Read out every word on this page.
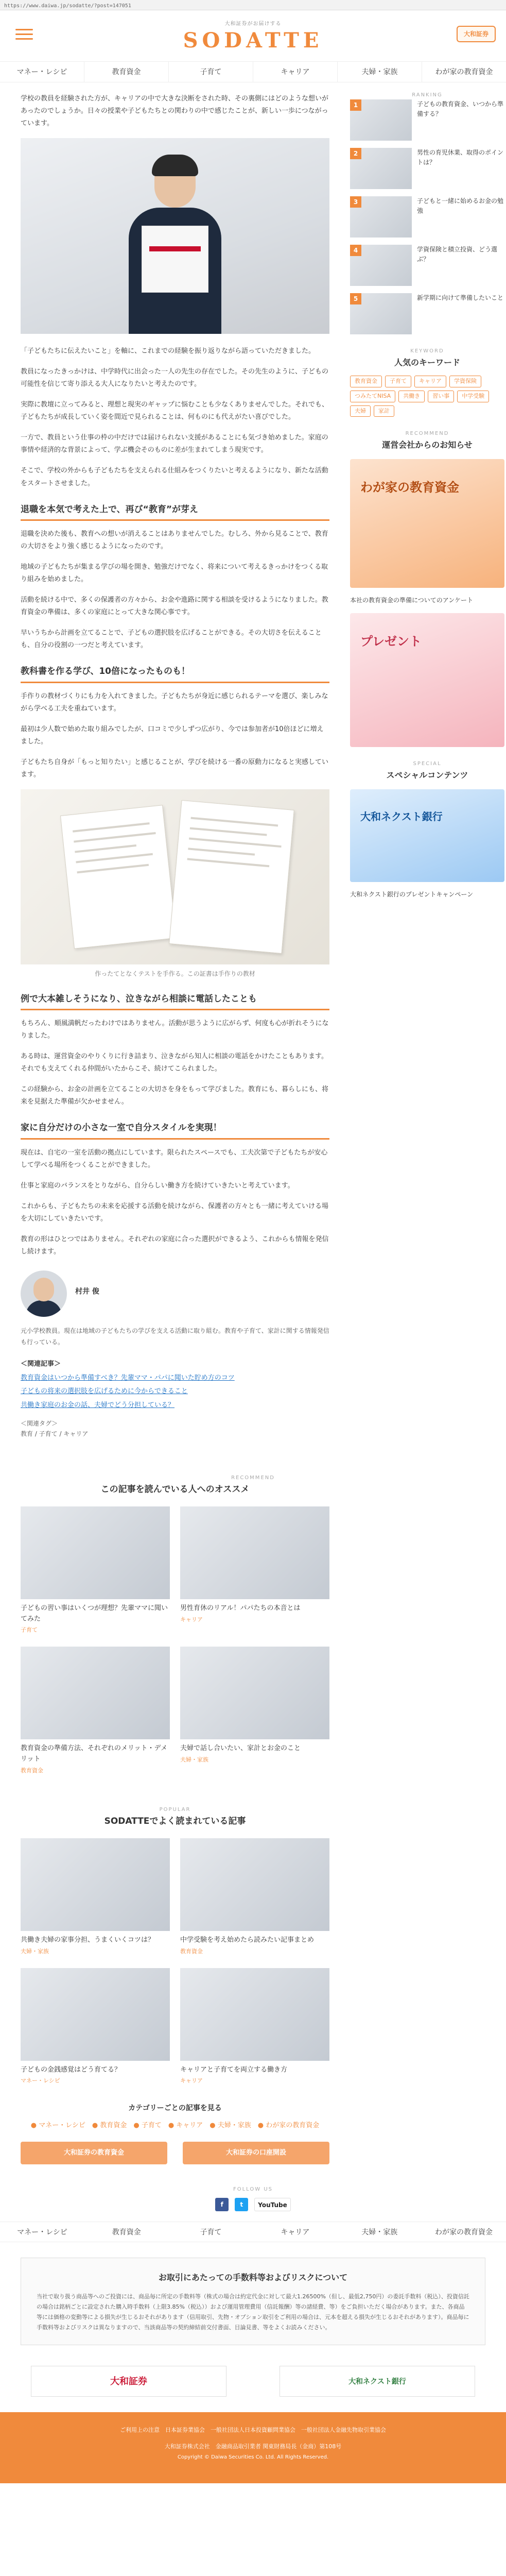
https://www.daiwa.jp/sodatte/?post=147051
大和証券がお届けする
SODATTE	大和証券
マネー・レシピ	教育資金	子育て	キャリア	夫婦・家族	わが家の教育資金

学校の教員を経験された方が、キャリアの中で大きな決断をされた時、その裏側にはどのような想いがあったのでしょうか。日々の授業や子どもたちとの関わりの中で感じたことが、新しい一歩につながっています。

「子どもたちに伝えたいこと」を軸に、これまでの経験を振り返りながら語っていただきました。

教員になったきっかけは、中学時代に出会った一人の先生の存在でした。その先生のように、子どもの可能性を信じて寄り添える大人になりたいと考えたのです。

実際に教壇に立ってみると、理想と現実のギャップに悩むことも少なくありませんでした。それでも、子どもたちが成長していく姿を間近で見られることは、何ものにも代えがたい喜びでした。

一方で、教員という仕事の枠の中だけでは届けられない支援があることにも気づき始めました。家庭の事情や経済的な背景によって、学ぶ機会そのものに差が生まれてしまう現実です。

そこで、学校の外からも子どもたちを支えられる仕組みをつくりたいと考えるようになり、新たな活動をスタートさせました。

退職を本気で考えた上で、再び“教育”が芽え

退職を決めた後も、教育への想いが消えることはありませんでした。むしろ、外から見ることで、教育の大切さをより強く感じるようになったのです。

地域の子どもたちが集まる学びの場を開き、勉強だけでなく、将来について考えるきっかけをつくる取り組みを始めました。

活動を続ける中で、多くの保護者の方々から、お金や進路に関する相談を受けるようになりました。教育資金の準備は、多くの家庭にとって大きな関心事です。

早いうちから計画を立てることで、子どもの選択肢を広げることができる。その大切さを伝えることも、自分の役割の一つだと考えています。

教科書を作る学び、10倍になったものも！

手作りの教材づくりにも力を入れてきました。子どもたちが身近に感じられるテーマを選び、楽しみながら学べる工夫を重ねています。

最初は少人数で始めた取り組みでしたが、口コミで少しずつ広がり、今では参加者が10倍ほどに増えました。

子どもたち自身が「もっと知りたい」と感じることが、学びを続ける一番の原動力になると実感しています。

作ったてとなくテストを手作る。この証書は手作りの教材
例で大本雑しそうになり、泣きながら相談に電話したことも

もちろん、順風満帆だったわけではありません。活動が思うように広がらず、何度も心が折れそうになりました。

ある時は、運営資金のやりくりに行き詰まり、泣きながら知人に相談の電話をかけたこともあります。それでも支えてくれる仲間がいたからこそ、続けてこられました。

この経験から、お金の計画を立てることの大切さを身をもって学びました。教育にも、暮らしにも、将来を見据えた準備が欠かせません。

家に自分だけの小さな一室で自分スタイルを実現！

現在は、自宅の一室を活動の拠点にしています。限られたスペースでも、工夫次第で子どもたちが安心して学べる場所をつくることができました。

仕事と家庭のバランスをとりながら、自分らしい働き方を続けていきたいと考えています。

これからも、子どもたちの未来を応援する活動を続けながら、保護者の方々とも一緒に考えていける場を大切にしていきたいです。

教育の形はひとつではありません。それぞれの家庭に合った選択ができるよう、これからも情報を発信し続けます。

村井 俊

元小学校教員。現在は地域の子どもたちの学びを支える活動に取り組む。教育や子育て、家計に関する情報発信も行っている。

＜関連記事＞
教育資金はいつから準備すべき？先輩ママ・パパに聞いた貯め方のコツ
子どもの将来の選択肢を広げるために今からできること
共働き家庭のお金の話、夫婦でどう分担している？
＜関連タグ＞
教育 / 子育て / キャリア
RANKING
1	子どもの教育資金、いつから準備する？
2	男性の育児休業、取得のポイントは？
3	子どもと一緒に始めるお金の勉強
4	学資保険と積立投資、どう選ぶ？
5	新学期に向けて準備したいこと
KEYWORD
人気のキーワード
教育資金	子育て	キャリア	学資保険
つみたてNISA	共働き	習い事	中学受験
夫婦	家計
RECOMMEND
運営会社からのお知らせ
わが家の教育資金
本社の教育資金の準備についてのアンケート
プレゼント
SPECIAL
スペシャルコンテンツ
大和ネクスト銀行
大和ネクスト銀行のプレゼントキャンペーン
RECOMMEND
この記事を読んでいる人へのオススメ
子どもの習い事はいくつが理想？先輩ママに聞いてみた
子育て
男性育休のリアル！パパたちの本音とは
キャリア
教育資金の準備方法、それぞれのメリット・デメリット
教育資金
夫婦で話し合いたい、家計とお金のこと
夫婦・家族
POPULAR
SODATTEでよく読まれている記事
共働き夫婦の家事分担、うまくいくコツは？
夫婦・家族
中学受験を考え始めたら読みたい記事まとめ
教育資金
子どもの金銭感覚はどう育てる？
マネー・レシピ
キャリアと子育てを両立する働き方
キャリア
カテゴリーごとの記事を見る
● マネー・レシピ　● 教育資金　● 子育て　● キャリア　● 夫婦・家族　● わが家の教育資金
大和証券の教育資金	大和証券の口座開設
FOLLOW US
f	t	YouTube
マネー・レシピ	教育資金	子育て	キャリア	夫婦・家族	わが家の教育資金
お取引にあたっての手数料等およびリスクについて

当社で取り扱う商品等へのご投資には、商品毎に所定の手数料等（株式の場合は約定代金に対して最大1.26500%（但し、最低2,750円）の委託手数料（税込）、投資信託の場合は銘柄ごとに設定された購入時手数料（上限3.85%（税込））および運用管理費用（信託報酬）等の諸経費、等）をご負担いただく場合があります。また、各商品等には価格の変動等による損失が生じるおそれがあります（信用取引、先物・オプション取引をご利用の場合は、元本を超える損失が生じるおそれがあります）。商品毎に手数料等およびリスクは異なりますので、当該商品等の契約締結前交付書面、目論見書、等をよくお読みください。

大和証券	大和ネクスト銀行
ご利用上の注意　日本証券業協会　一般社団法人日本投資顧問業協会　一般社団法人金融先物取引業協会
大和証券株式会社　金融商品取引業者 関東財務局長（金商）第108号
Copyright © Daiwa Securities Co. Ltd. All Rights Reserved.
